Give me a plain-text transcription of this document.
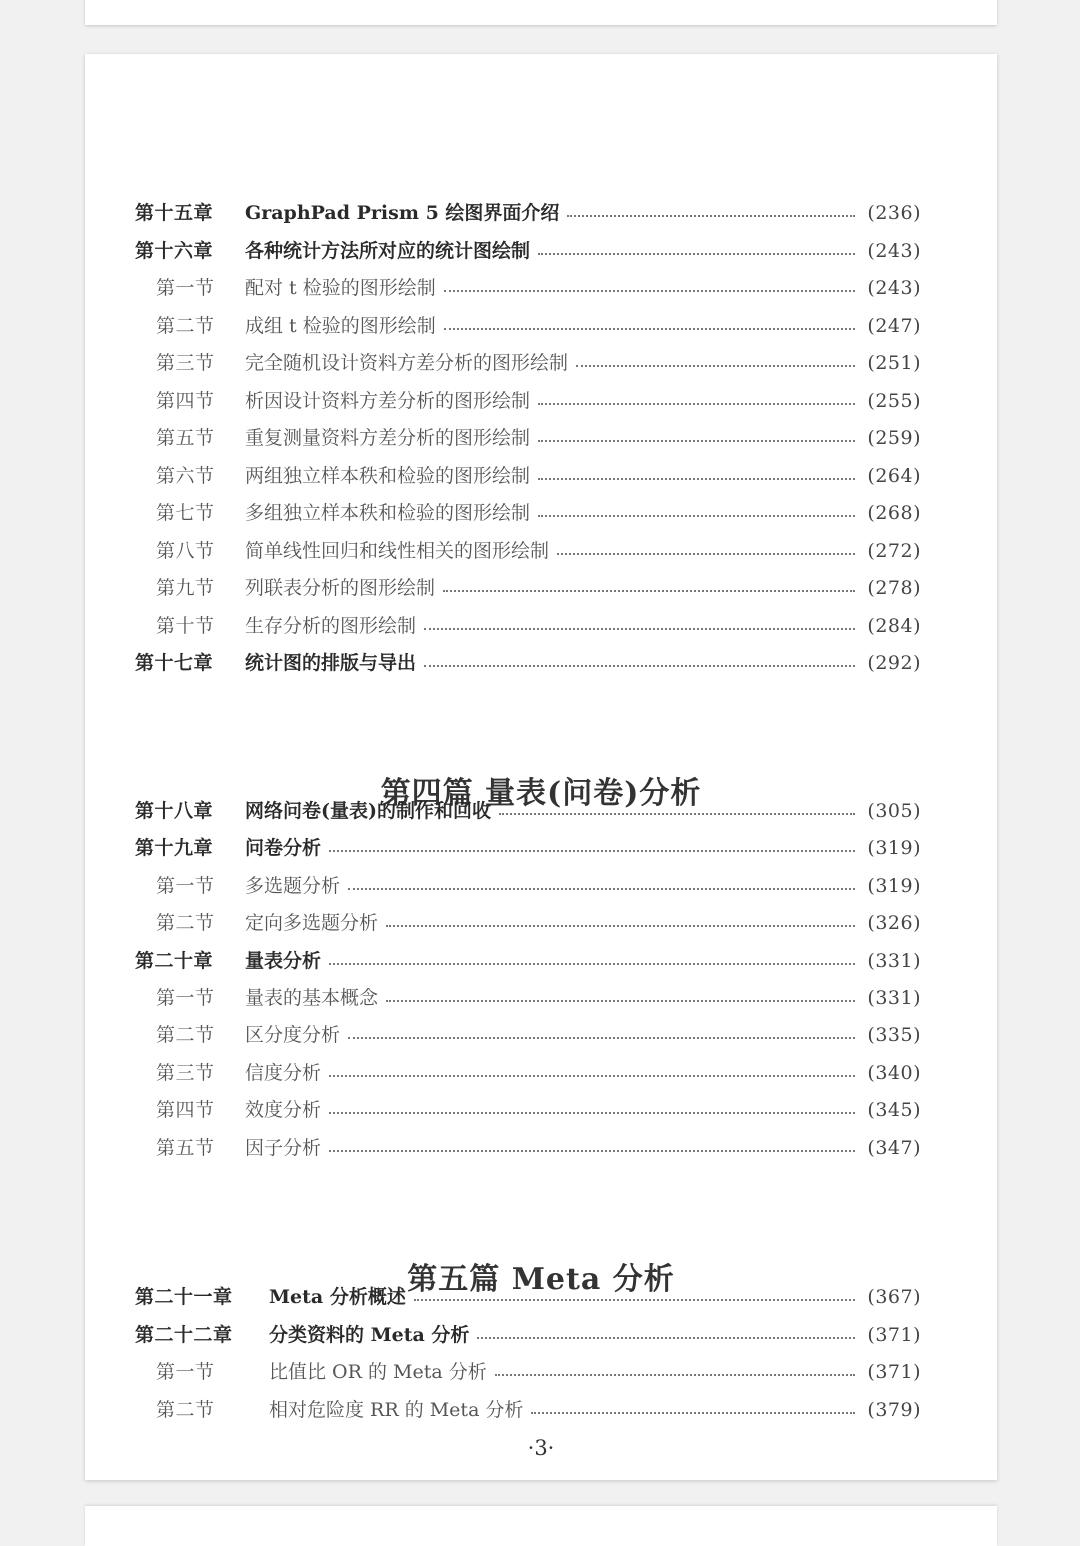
第四篇 量表(问卷)分析
第五篇 Meta 分析
·3·
第十五章	GraphPad Prism 5 绘图界面介绍	(236)
第十六章	各种统计方法所对应的统计图绘制	(243)
第一节	配对 t 检验的图形绘制	(243)
第二节	成组 t 检验的图形绘制	(247)
第三节	完全随机设计资料方差分析的图形绘制	(251)
第四节	析因设计资料方差分析的图形绘制	(255)
第五节	重复测量资料方差分析的图形绘制	(259)
第六节	两组独立样本秩和检验的图形绘制	(264)
第七节	多组独立样本秩和检验的图形绘制	(268)
第八节	简单线性回归和线性相关的图形绘制	(272)
第九节	列联表分析的图形绘制	(278)
第十节	生存分析的图形绘制	(284)
第十七章	统计图的排版与导出	(292)
第十八章	网络问卷(量表)的制作和回收	(305)
第十九章	问卷分析	(319)
第一节	多选题分析	(319)
第二节	定向多选题分析	(326)
第二十章	量表分析	(331)
第一节	量表的基本概念	(331)
第二节	区分度分析	(335)
第三节	信度分析	(340)
第四节	效度分析	(345)
第五节	因子分析	(347)
第二十一章	Meta 分析概述	(367)
第二十二章	分类资料的 Meta 分析	(371)
第一节	比值比 OR 的 Meta 分析	(371)
第二节	相对危险度 RR 的 Meta 分析	(379)
